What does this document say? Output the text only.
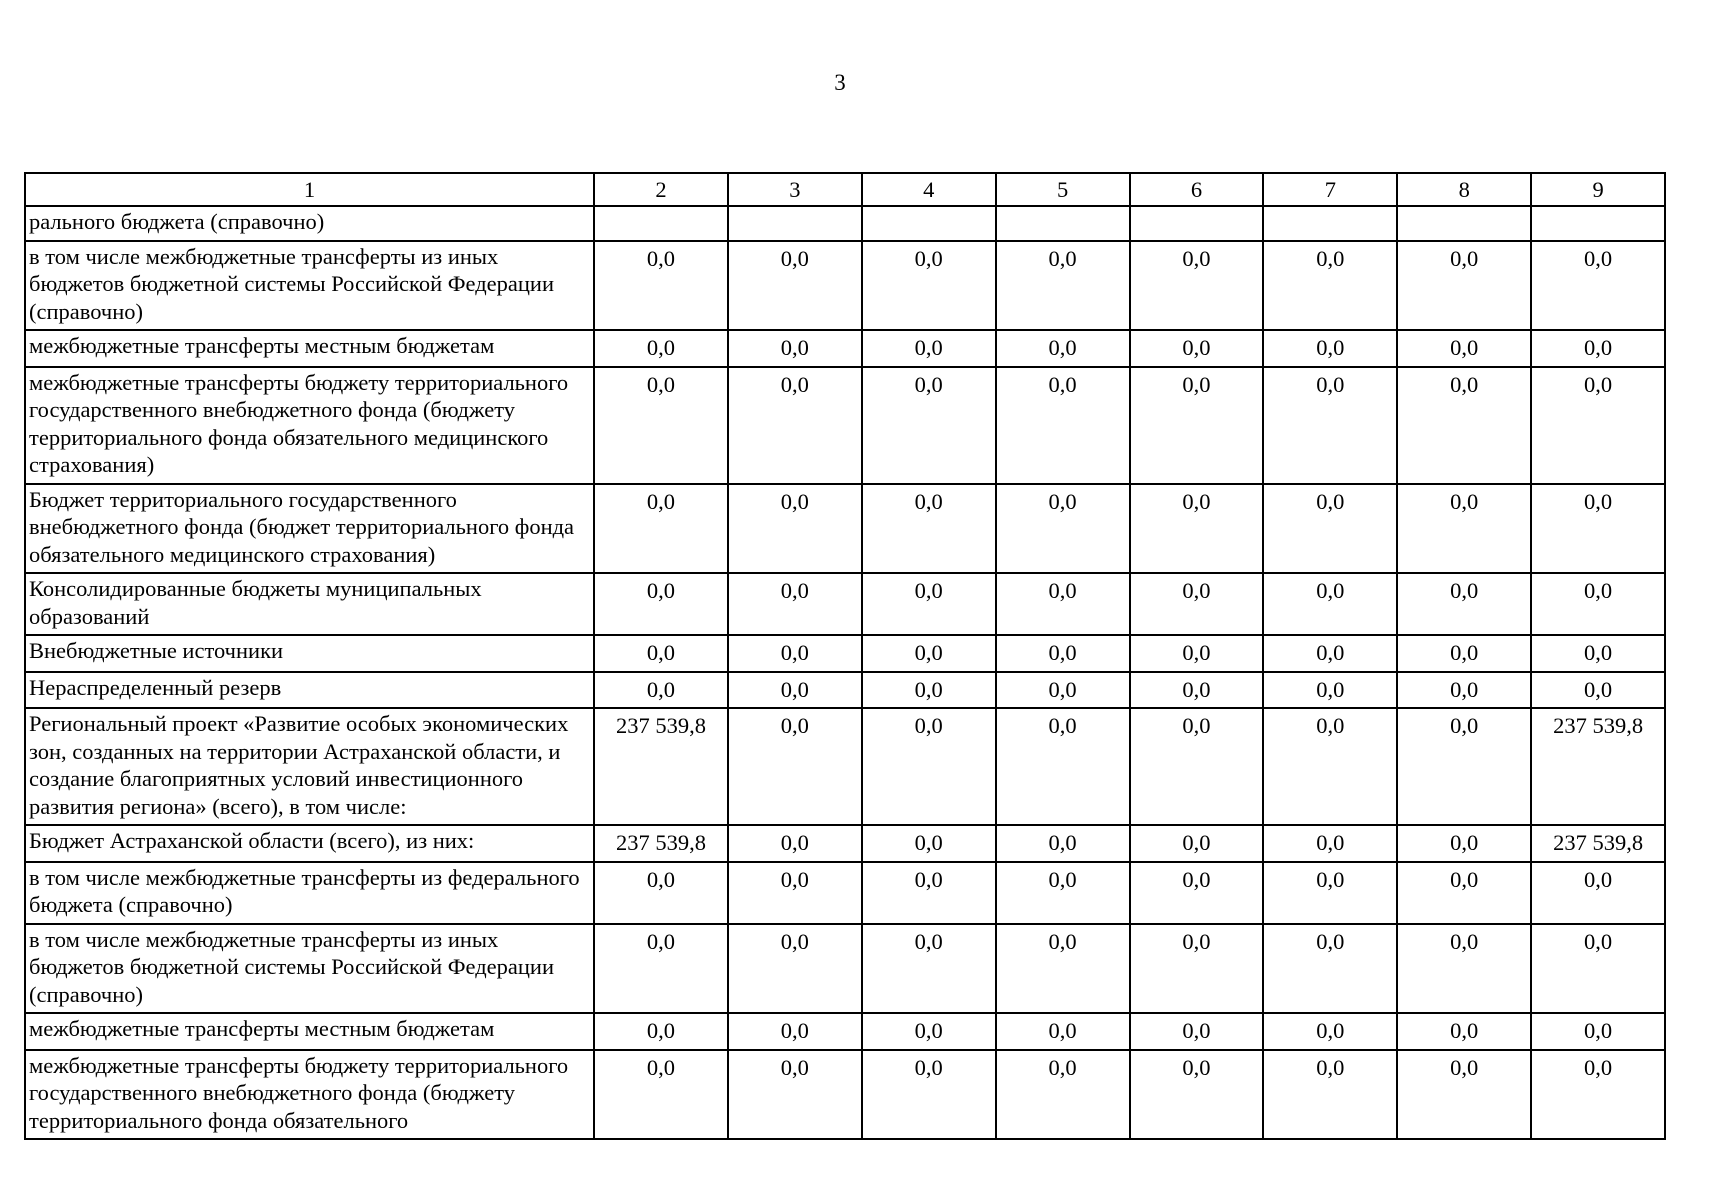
3
1	2	3	4	5	6	7	8	9
рального бюджета (справочно)								
в том числе межбюджетные трансферты из иных бюджетов бюджетной системы Российской Федерации (справочно)	0,0	0,0	0,0	0,0	0,0	0,0	0,0	0,0
межбюджетные трансферты местным бюджетам	0,0	0,0	0,0	0,0	0,0	0,0	0,0	0,0
межбюджетные трансферты бюджету территориального государственного внебюджетного фонда (бюджету территориального фонда обязательного медицинского страхования)	0,0	0,0	0,0	0,0	0,0	0,0	0,0	0,0
Бюджет территориального государственного внебюджетного фонда (бюджет территориального фонда обязательного медицинского страхования)	0,0	0,0	0,0	0,0	0,0	0,0	0,0	0,0
Консолидированные бюджеты муниципальных образований	0,0	0,0	0,0	0,0	0,0	0,0	0,0	0,0
Внебюджетные источники	0,0	0,0	0,0	0,0	0,0	0,0	0,0	0,0
Нераспределенный резерв	0,0	0,0	0,0	0,0	0,0	0,0	0,0	0,0
Региональный проект «Развитие особых экономических зон, созданных на территории Астраханской области, и создание благоприятных условий инвестиционного развития региона» (всего), в том числе:	237 539,8	0,0	0,0	0,0	0,0	0,0	0,0	237 539,8
Бюджет Астраханской области (всего), из них:	237 539,8	0,0	0,0	0,0	0,0	0,0	0,0	237 539,8
в том числе межбюджетные трансферты из федерального бюджета (справочно)	0,0	0,0	0,0	0,0	0,0	0,0	0,0	0,0
в том числе межбюджетные трансферты из иных бюджетов бюджетной системы Российской Федерации (справочно)	0,0	0,0	0,0	0,0	0,0	0,0	0,0	0,0
межбюджетные трансферты местным бюджетам	0,0	0,0	0,0	0,0	0,0	0,0	0,0	0,0
межбюджетные трансферты бюджету территориального государственного внебюджетного фонда (бюджету территориального фонда обязательного	0,0	0,0	0,0	0,0	0,0	0,0	0,0	0,0
